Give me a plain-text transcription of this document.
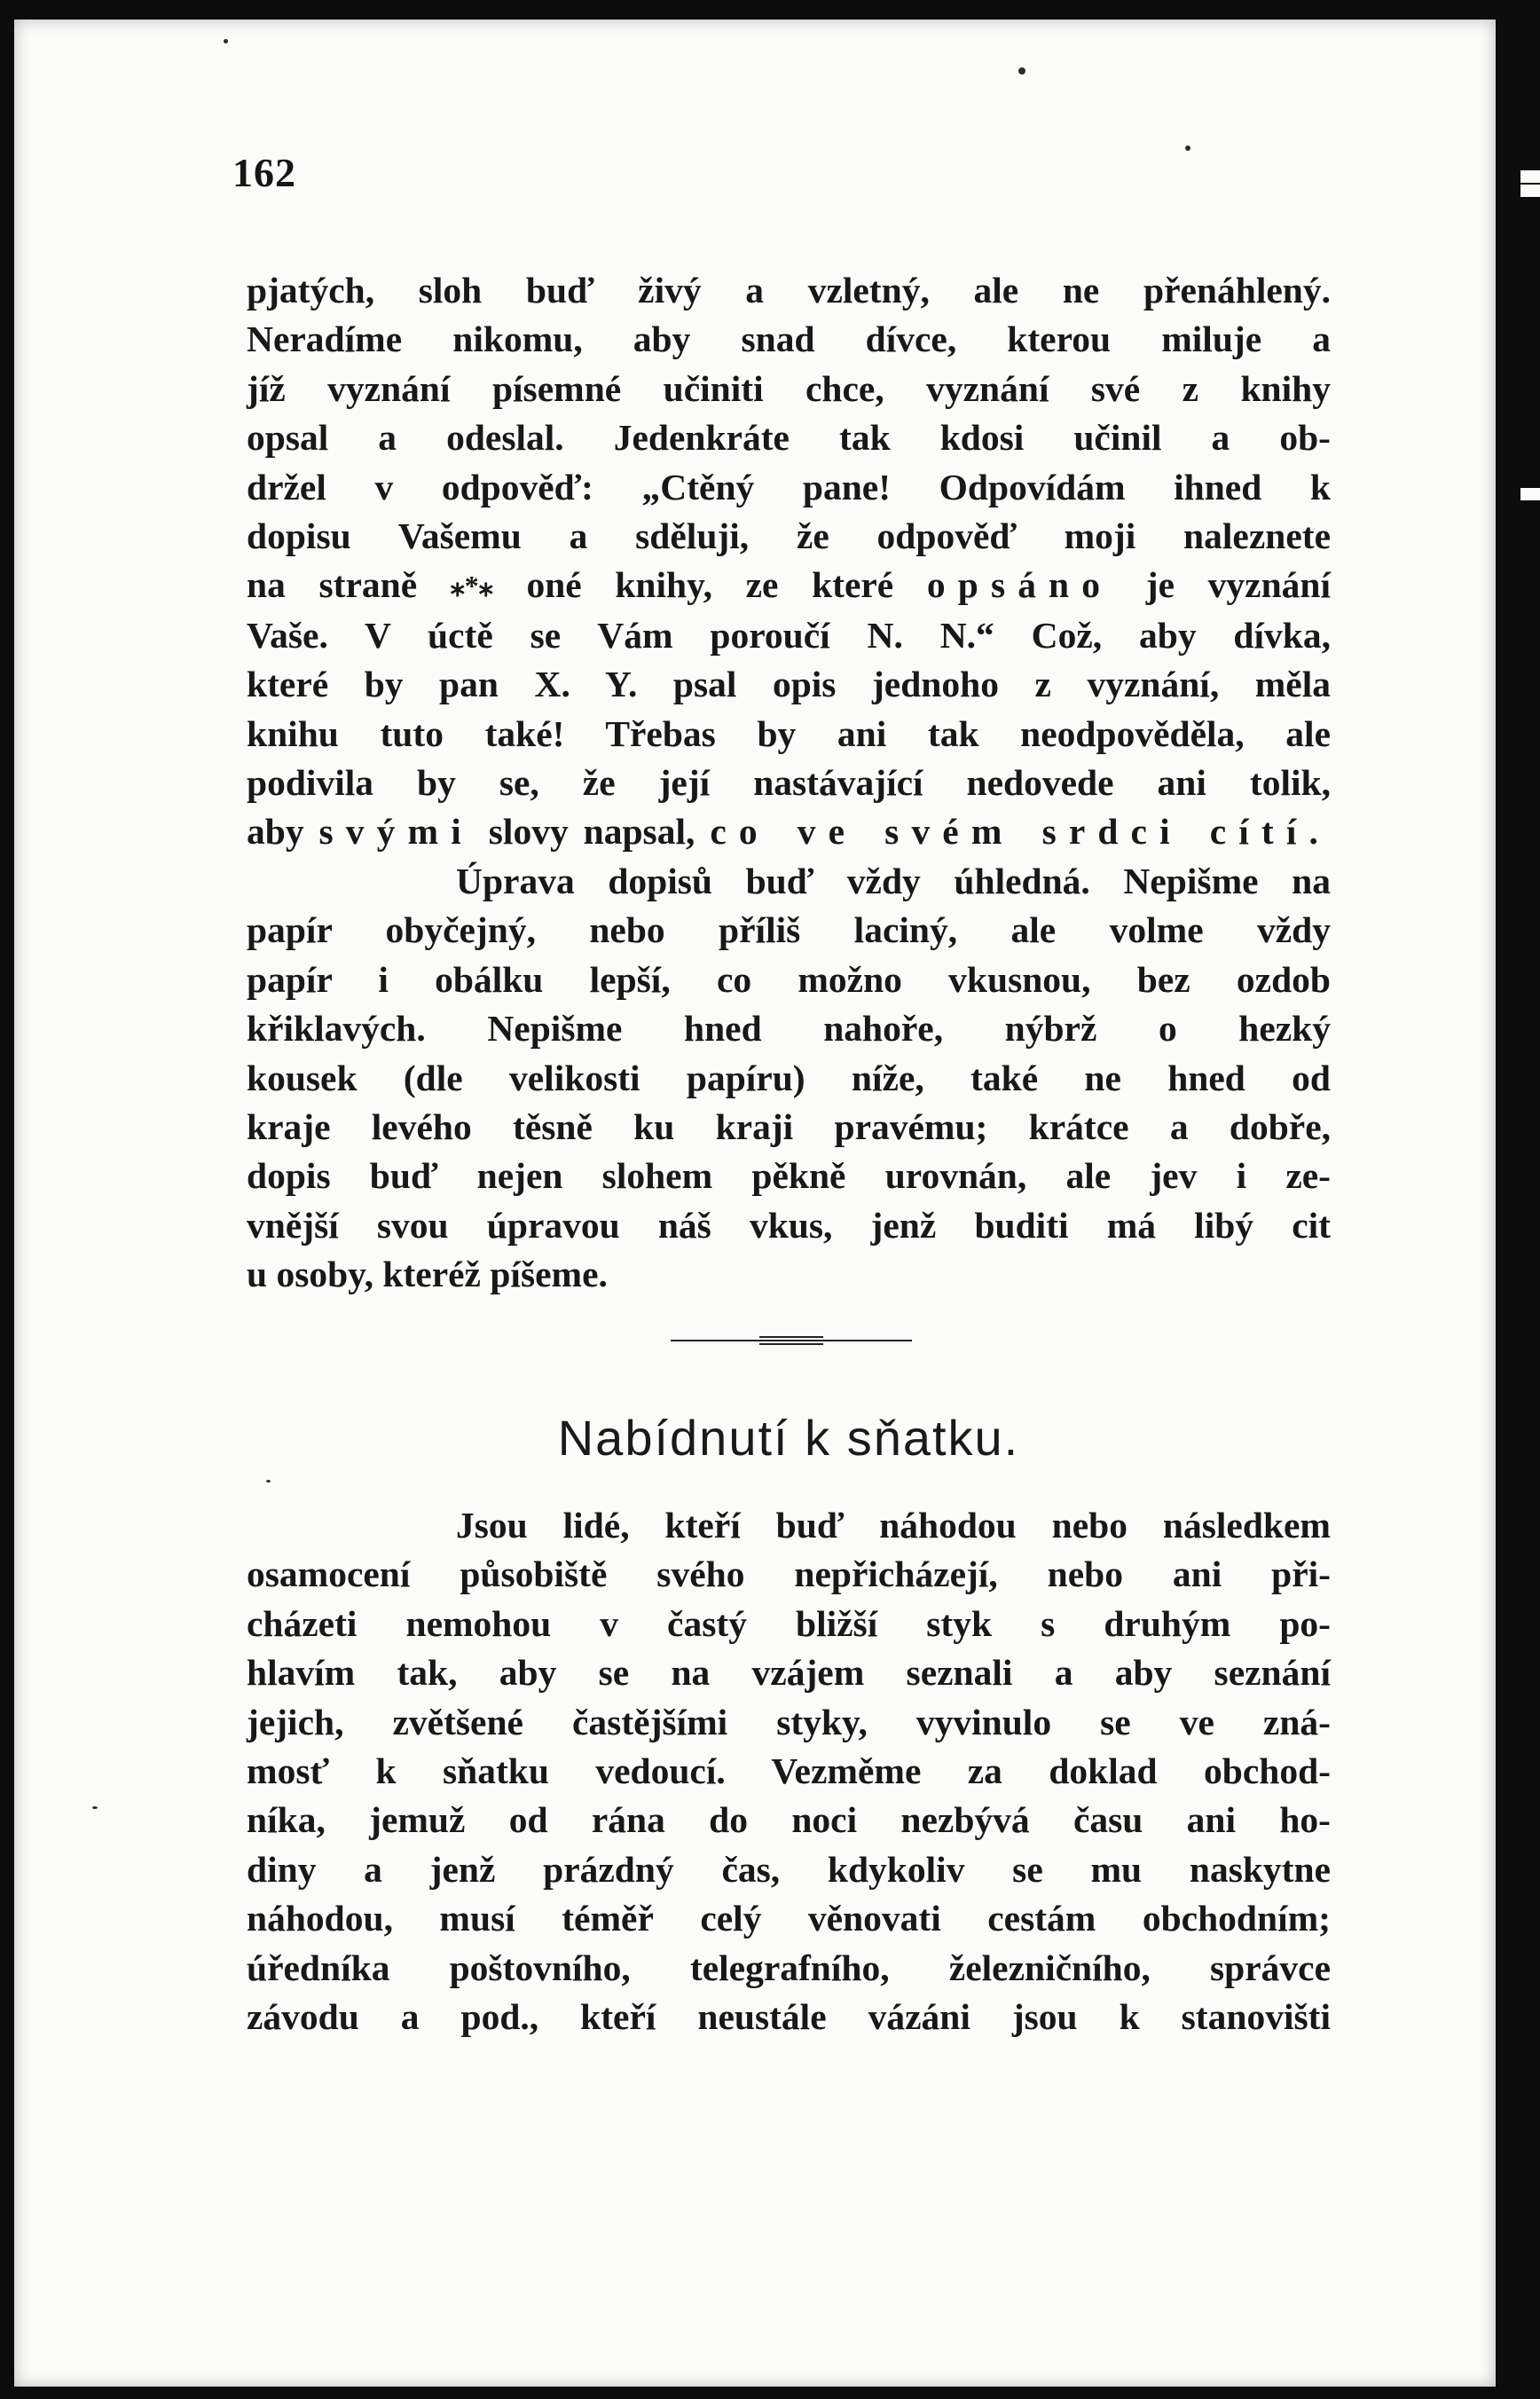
162
pjatých, sloh buď živý a vzletný, ale ne přenáhlený.
Neradíme nikomu, aby snad dívce, kterou miluje a
jíž vyznání písemné učiniti chce, vyznání své z knihy
opsal a odeslal. Jedenkráte tak kdosi učinil a ob-
držel v odpověď: „Ctěný pane! Odpovídám ihned k
dopisu Vašemu a sděluji, že odpověď moji naleznete
na straně ⁎*⁎ oné knihy, ze které opsáno je vyznání
Vaše. V úctě se Vám poroučí N. N.“ Což, aby dívka,
které by pan X. Y. psal opis jednoho z vyznání, měla
knihu tuto také! Třebas by ani tak neodpověděla, ale
podivila by se, že její nastávající nedovede ani tolik,
aby svými slovy napsal, co ve svém srdci cítí.
Úprava dopisů buď vždy úhledná. Nepišme na
papír obyčejný, nebo příliš laciný, ale volme vždy
papír i obálku lepší, co možno vkusnou, bez ozdob
křiklavých. Nepišme hned nahoře, nýbrž o hezký
kousek (dle velikosti papíru) níže, také ne hned od
kraje levého těsně ku kraji pravému; krátce a dobře,
dopis buď nejen slohem pěkně urovnán, ale jev i ze-
vnější svou úpravou náš vkus, jenž buditi má libý cit
u osoby, kteréž píšeme.
Nabídnutí k sňatku.
Jsou lidé, kteří buď náhodou nebo následkem
osamocení působiště svého nepřicházejí, nebo ani při-
cházeti nemohou v častý bližší styk s druhým po-
hlavím tak, aby se na vzájem seznali a aby seznání
jejich, zvětšené častějšími styky, vyvinulo se ve zná-
mosť k sňatku vedoucí. Vezměme za doklad obchod-
níka, jemuž od rána do noci nezbývá času ani ho-
diny a jenž prázdný čas, kdykoliv se mu naskytne
náhodou, musí téměř celý věnovati cestám obchodním;
úředníka poštovního, telegrafního, železničního, správce
závodu a pod., kteří neustále vázáni jsou k stanovišti
